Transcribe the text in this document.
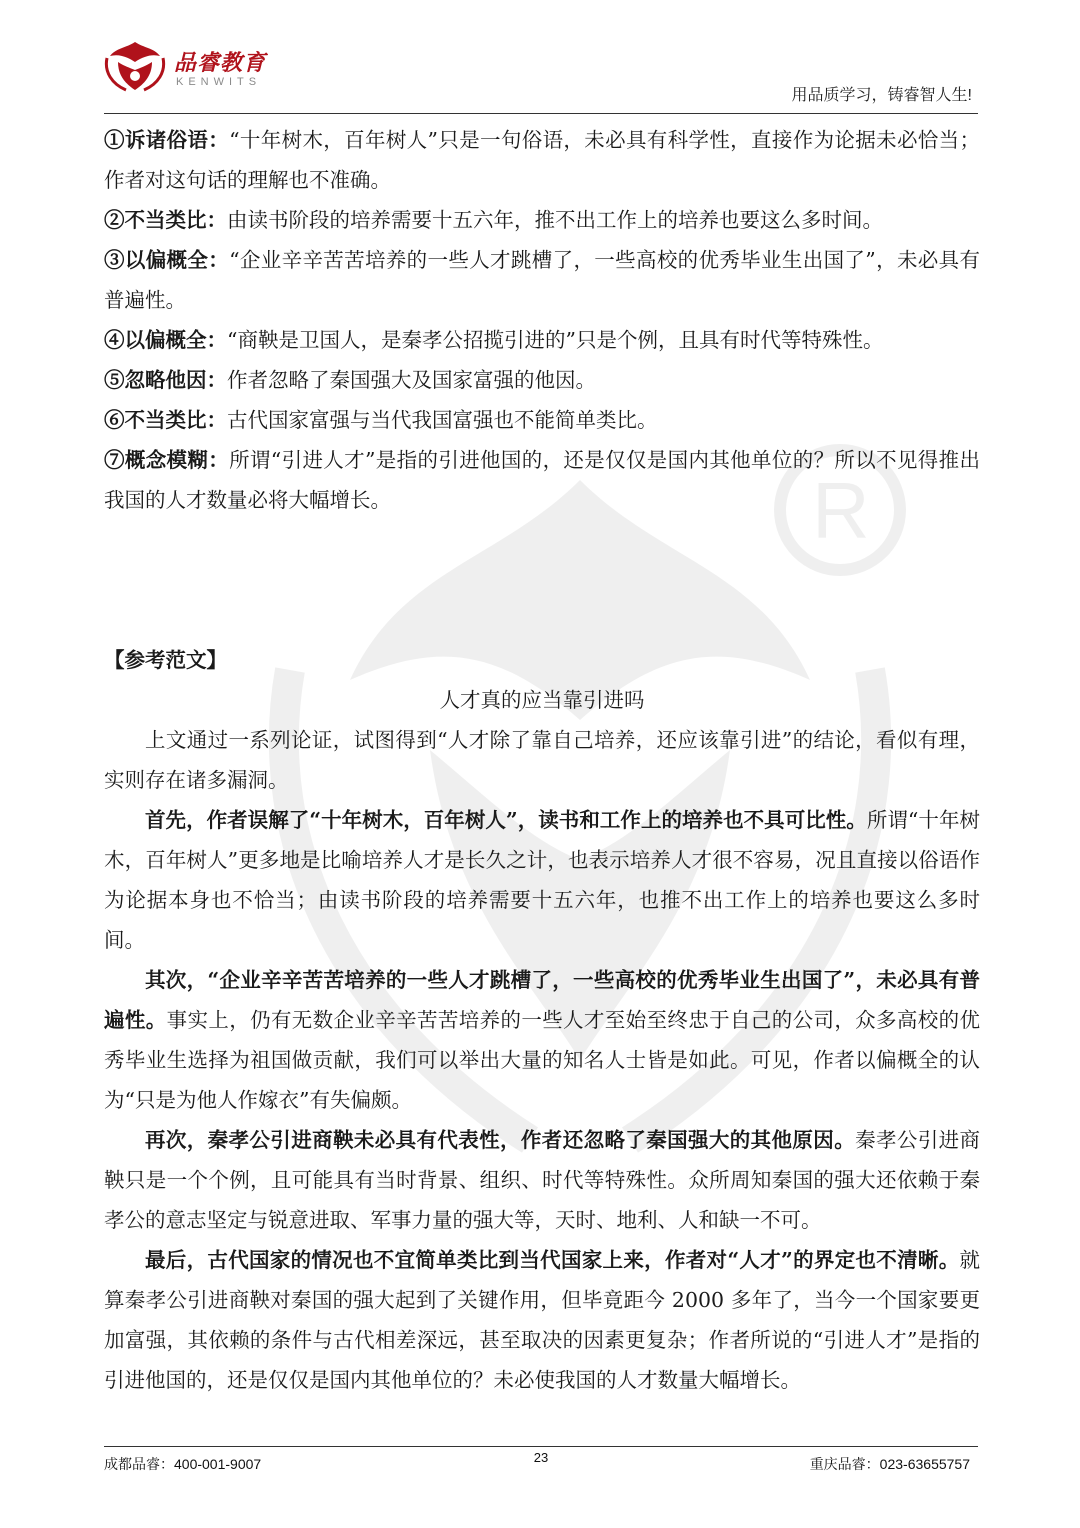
R
品睿教育
KENWITS
用品质学习，铸睿智人生!

①诉诸俗语：“十年树木，百年树人”只是一句俗语，未必具有科学性，直接作为论据未必恰当；作者对这句话的理解也不准确。

②不当类比：由读书阶段的培养需要十五六年，推不出工作上的培养也要这么多时间。

③以偏概全：“企业辛辛苦苦培养的一些人才跳槽了，一些高校的优秀毕业生出国了”，未必具有普遍性。

④以偏概全：“商鞅是卫国人，是秦孝公招揽引进的”只是个例，且具有时代等特殊性。

⑤忽略他因：作者忽略了秦国强大及国家富强的他因。

⑥不当类比：古代国家富强与当代我国富强也不能简单类比。

⑦概念模糊：所谓“引进人才”是指的引进他国的，还是仅仅是国内其他单位的？所以不见得推出我国的人才数量必将大幅增长。

【参考范文】

人才真的应当靠引进吗

上文通过一系列论证，试图得到“人才除了靠自己培养，还应该靠引进”的结论，看似有理，实则存在诸多漏洞。

首先，作者误解了“十年树木，百年树人”，读书和工作上的培养也不具可比性。所谓“十年树木，百年树人”更多地是比喻培养人才是长久之计，也表示培养人才很不容易，况且直接以俗语作为论据本身也不恰当；由读书阶段的培养需要十五六年，也推不出工作上的培养也要这么多时间。

其次，“企业辛辛苦苦培养的一些人才跳槽了，一些高校的优秀毕业生出国了”，未必具有普遍性。事实上，仍有无数企业辛辛苦苦培养的一些人才至始至终忠于自己的公司，众多高校的优秀毕业生选择为祖国做贡献，我们可以举出大量的知名人士皆是如此。可见，作者以偏概全的认为“只是为他人作嫁衣”有失偏颇。

再次，秦孝公引进商鞅未必具有代表性，作者还忽略了秦国强大的其他原因。秦孝公引进商鞅只是一个个例，且可能具有当时背景、组织、时代等特殊性。众所周知秦国的强大还依赖于秦孝公的意志坚定与锐意进取、军事力量的强大等，天时、地利、人和缺一不可。

最后，古代国家的情况也不宜简单类比到当代国家上来，作者对“人才”的界定也不清晰。就算秦孝公引进商鞅对秦国的强大起到了关键作用，但毕竟距今 2000 多年了，当今一个国家要更加富强，其依赖的条件与古代相差深远，甚至取决的因素更复杂；作者所说的“引进人才”是指的引进他国的，还是仅仅是国内其他单位的？未必使我国的人才数量大幅增长。

成都品睿：400-001-9007	23	重庆品睿：023-63655757
